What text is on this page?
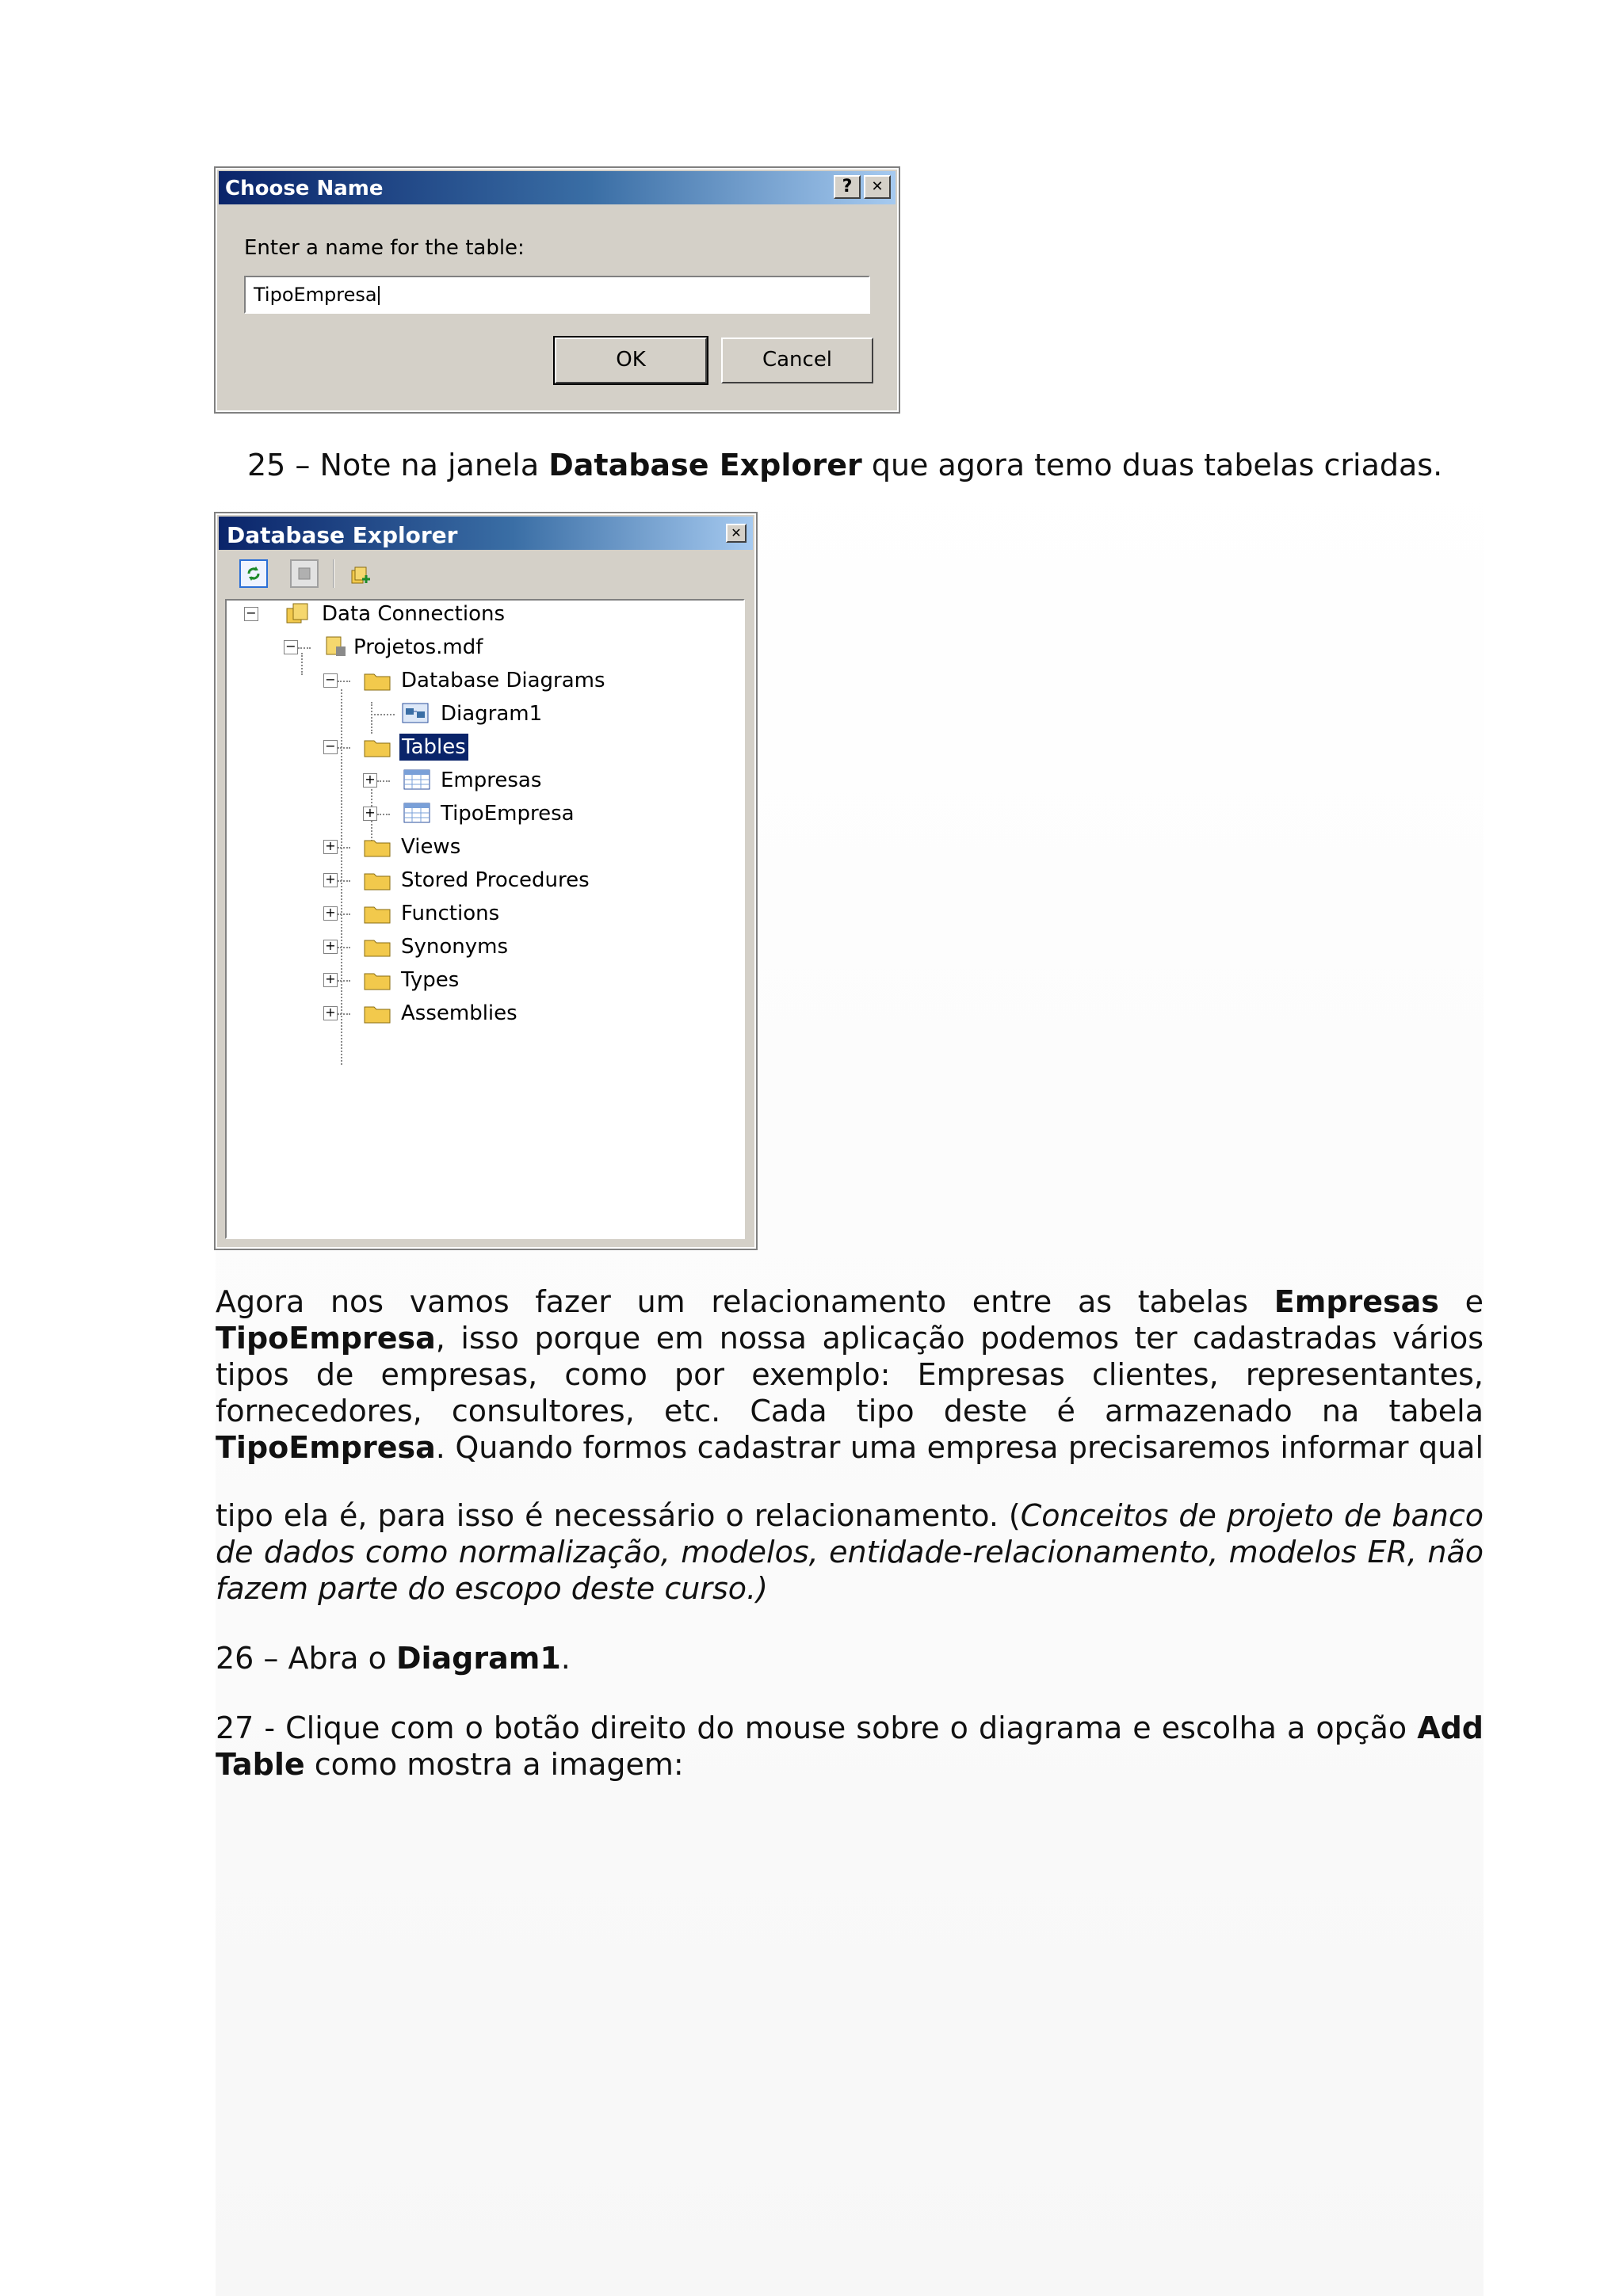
Choose Name	?	✕
Enter a name for the table:
TipoEmpresa
OK	Cancel
25 – Note na janela Database Explorer que agora temo duas tabelas criadas.
Database Explorer	✕
−	Data Connections
−	Projetos.mdf
−	Database Diagrams
Diagram1
−	Tables
+	Empresas
+	TipoEmpresa
+	Views
+	Stored Procedures
+	Functions
+	Synonyms
+	Types
+	Assemblies
Agora nos vamos fazer um relacionamento entre as tabelas Empresas e TipoEmpresa, isso porque em nossa aplicação podemos ter cadastradas vários tipos de empresas, como por exemplo: Empresas clientes, representantes, fornecedores, consultores, etc. Cada tipo deste é armazenado na tabela TipoEmpresa. Quando formos cadastrar uma empresa precisaremos informar qual
tipo ela é, para isso é necessário o relacionamento. (Conceitos de projeto de banco de dados como normalização, modelos, entidade-relacionamento, modelos ER, não fazem parte do escopo deste curso.)
26 – Abra o Diagram1.
27 - Clique com o botão direito do mouse sobre o diagrama e escolha a opção Add Table como mostra a imagem:
